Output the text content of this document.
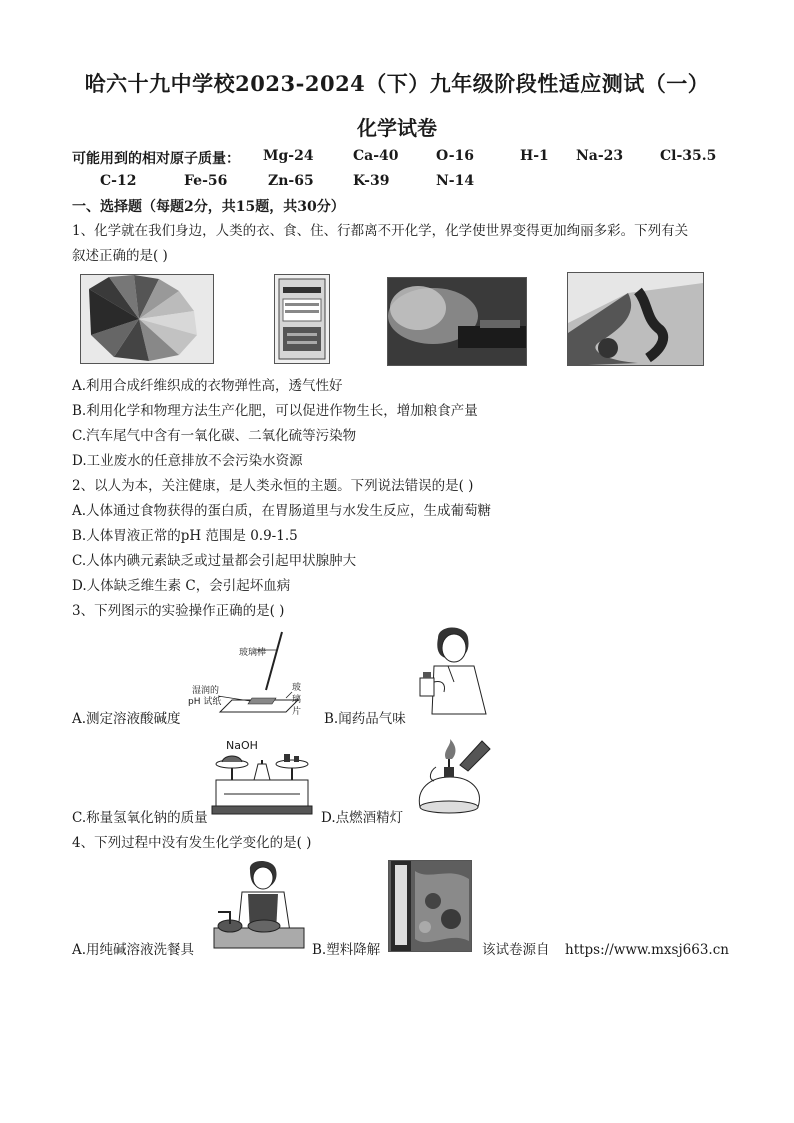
哈六十九中学校2023-2024（下）九年级阶段性适应测试（一）
化学试卷
可能用到的相对原子质量： Mg-24	Ca-40	O-16	H-1 Na-23	Cl-35.5
C-12	Fe-56	Zn-65	K-39	N-14
一、选择题（每题2分，共15题，共30分）
1、化学就在我们身边，人类的衣、食、住、行都离不开化学，化学使世界变得更加绚丽多彩。下列有关
叙述正确的是( )
A.利用合成纤维织成的衣物弹性高，透气性好
B.利用化学和物理方法生产化肥，可以促进作物生长，增加粮食产量
C.汽车尾气中含有一氧化碳、二氧化硫等污染物
D.工业废水的任意排放不会污染水资源
2、以人为本，关注健康，是人类永恒的主题。下列说法错误的是( )
A.人体通过食物获得的蛋白质，在胃肠道里与水发生反应，生成葡萄糖
B.人体胃液正常的pH 范围是 0.9-1.5
C.人体内碘元素缺乏或过量都会引起甲状腺肿大
D.人体缺乏维生素 C，会引起坏血病
3、下列图示的实验操作正确的是( )
玻璃棒
湿润的
pH 试纸
玻
璃
片
A.测定溶液酸碱度	B.闻药品气味
NaOH
C.称量氢氧化钠的质量	D.点燃酒精灯
4、下列过程中没有发生化学变化的是( )
A.用纯碱溶液洗餐具	B.塑料降解	该试卷源自 https://www.mxsj663.cn
